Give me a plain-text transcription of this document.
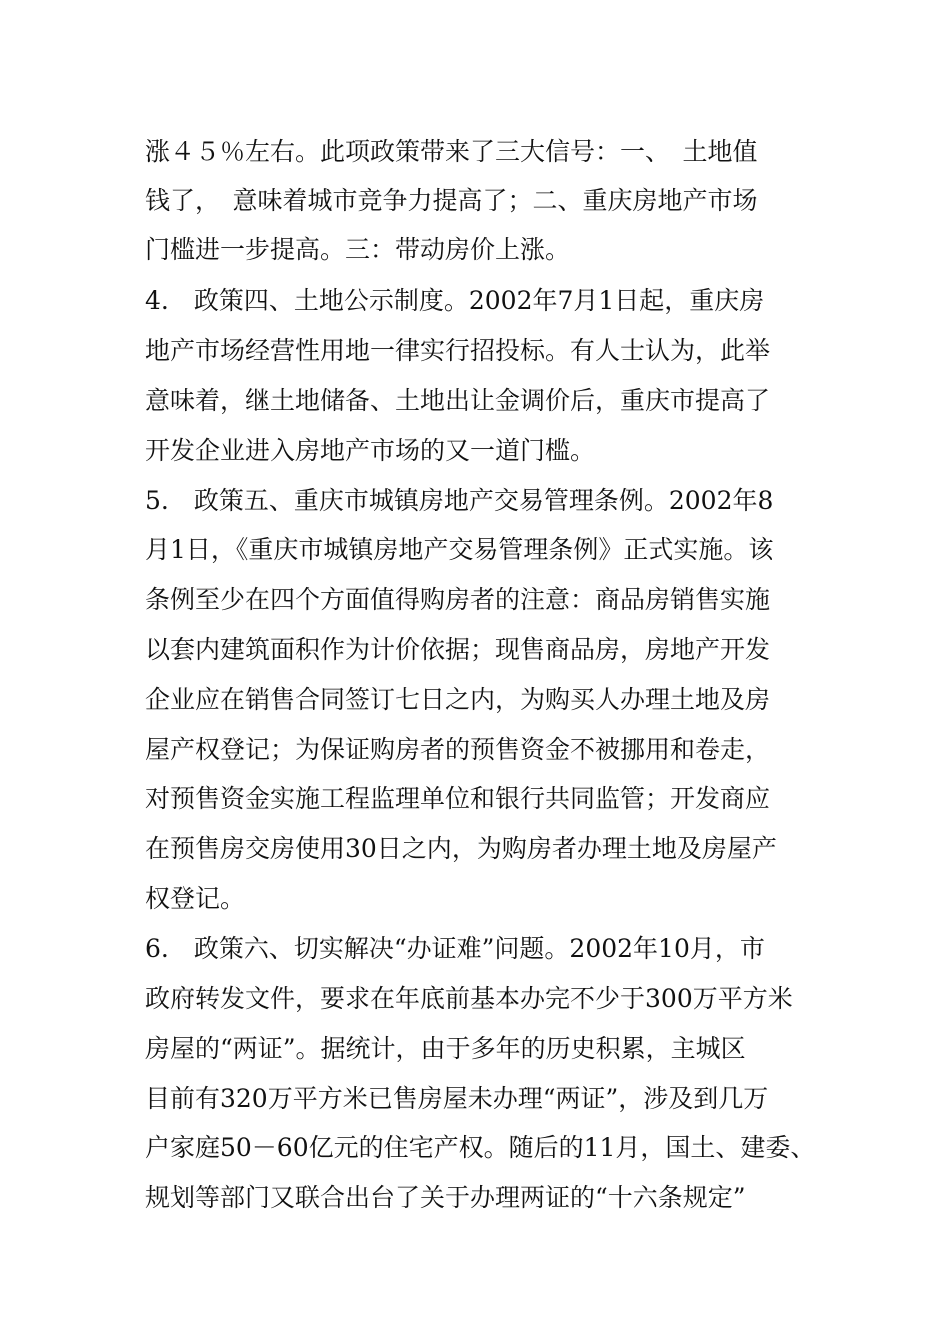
涨４５％左右。此项政策带来了三大信号：一、　土地值
钱了，　意味着城市竞争力提高了；二、重庆房地产市场
门槛进一步提高。三：带动房价上涨。
4.　政策四、土地公示制度。2002年7月1日起，重庆房
地产市场经营性用地一律实行招投标。有人士认为，此举
意味着，继土地储备、土地出让金调价后，重庆市提高了
开发企业进入房地产市场的又一道门槛。
5.　政策五、重庆市城镇房地产交易管理条例。2002年8
月1日，《重庆市城镇房地产交易管理条例》正式实施。该
条例至少在四个方面值得购房者的注意：商品房销售实施
以套内建筑面积作为计价依据；现售商品房，房地产开发
企业应在销售合同签订七日之内，为购买人办理土地及房
屋产权登记；为保证购房者的预售资金不被挪用和卷走，
对预售资金实施工程监理单位和银行共同监管；开发商应
在预售房交房使用30日之内，为购房者办理土地及房屋产
权登记。
6.　政策六、切实解决“办证难”问题。2002年10月，市
政府转发文件，要求在年底前基本办完不少于300万平方米
房屋的“两证”。据统计，由于多年的历史积累，主城区
目前有320万平方米已售房屋未办理“两证”，涉及到几万
户家庭50－60亿元的住宅产权。随后的11月，国土、建委、
规划等部门又联合出台了关于办理两证的“十六条规定”
